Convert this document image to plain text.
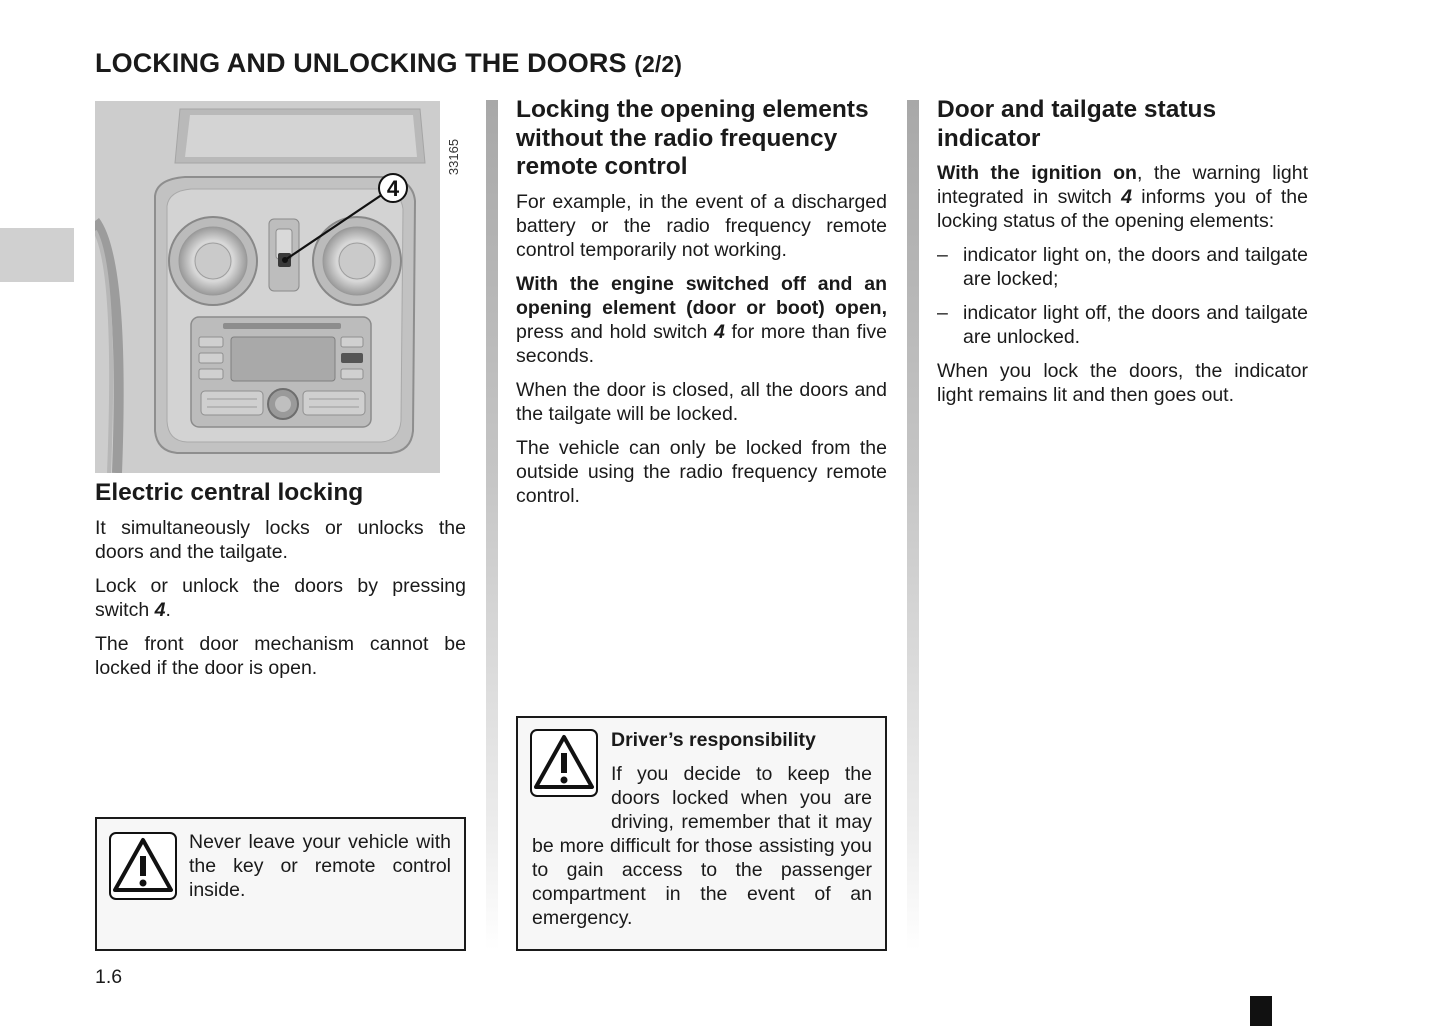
LOCKING AND UNLOCKING THE DOORS (2/2)
4
33165
Electric central locking

It simultaneously locks or unlocks the doors and the tailgate.

Lock or unlock the doors by pressing switch 4.

The front door mechanism cannot be locked if the door is open.

Never leave your vehicle with the key or remote control inside.
Locking the opening elements without the radio frequency remote control

For example, in the event of a discharged battery or the radio frequency remote control temporarily not working.

With the engine switched off and an opening element (door or boot) open, press and hold switch 4 for more than five seconds.

When the door is closed, all the doors and the tailgate will be locked.

The vehicle can only be locked from the outside using the radio frequency remote control.

Driver’s responsibility
If you decide to keep the doors locked when you are driving, remember that it may be more difficult for those assisting you to gain access to the passenger compartment in the event of an emergency.
Door and tailgate status indicator

With the ignition on, the warning light integrated in switch 4 informs you of the locking status of the opening elements:

– indicator light on, the doors and tailgate are locked;
– indicator light off, the doors and tailgate are unlocked.

When you lock the doors, the indicator light remains lit and then goes out.

1.6
